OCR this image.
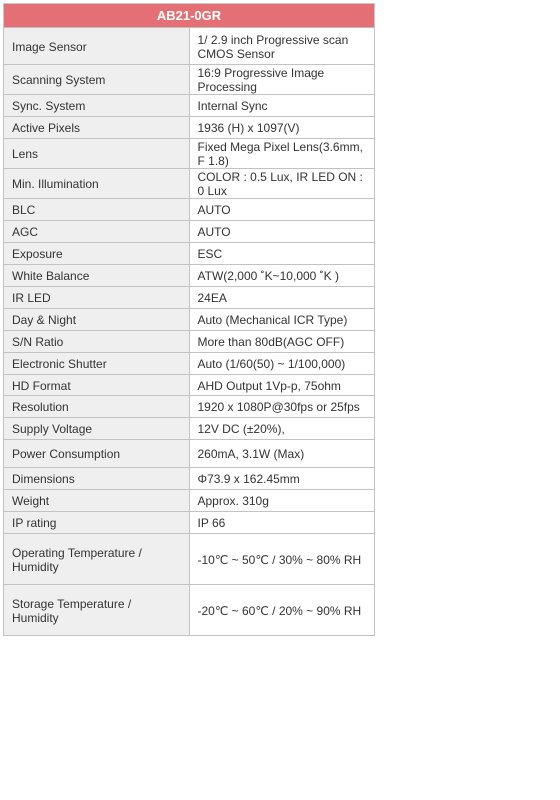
AB21-0GR	
Image Sensor	1/ 2.9 inch Progressive scan CMOS Sensor
Scanning System	16:9 Progressive Image Processing
Sync. System	Internal Sync
Active Pixels	1936 (H) x 1097(V)
Lens	Fixed Mega Pixel Lens(3.6mm, F 1.8)
Min. Illumination	COLOR : 0.5 Lux, IR LED ON : 0 Lux
BLC	AUTO
AGC	AUTO
Exposure	ESC
White Balance	ATW(2,000 ˚K~10,000 ˚K )
IR LED	24EA
Day & Night	Auto (Mechanical ICR Type)
S/N Ratio	More than 80dB(AGC OFF)
Electronic Shutter	Auto (1/60(50) ~ 1/100,000)
HD Format	AHD Output 1Vp-p, 75ohm
Resolution	1920 x 1080P@30fps or 25fps
Supply Voltage	12V DC (±20%),
Power Consumption	260mA, 3.1W (Max)
Dimensions	Φ73.9 x 162.45mm
Weight	Approx. 310g
IP rating	IP 66
Operating Temperature / Humidity	-10℃ ~ 50℃ / 30% ~ 80% RH
Storage Temperature / Humidity	-20℃ ~ 60℃ / 20% ~ 90% RH
